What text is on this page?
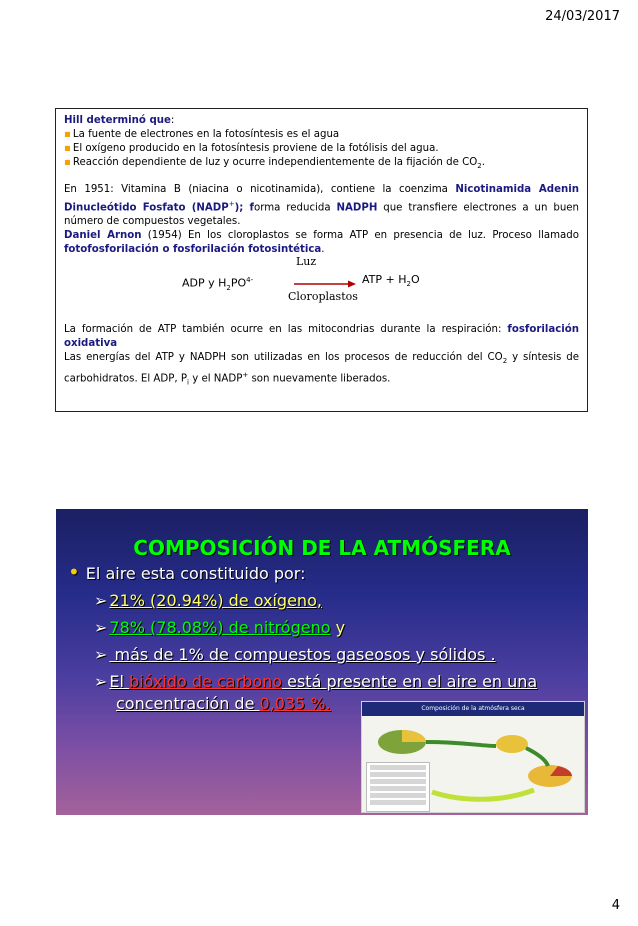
24/03/2017

Hill determinó que:

▪ La fuente de electrones en la fotosíntesis es el agua

▪ El oxígeno producido en la fotosíntesis proviene de la fotólisis del agua.

▪ Reacción dependiente de luz y ocurre independientemente de la fijación de $CO_2$.

En 1951: Vitamina B (niacina o nicotinamida), contiene la coenzima Nicotinamida Adenin Dinucleótido Fosfato (NADP+); forma reducida NADPH que transfiere electrones a un buen número de compuestos vegetales.

Daniel Arnon (1954) En los cloroplastos se forma ATP en presencia de luz. Proceso llamado fotofosforilación o fosforilación fotosintética.

Luz
ADP y $H_2PO^{4-}$	ATP + $H_2O$
Cloroplastos

La formación de ATP también ocurre en las mitocondrias durante la respiración: fosforilación oxidativa

Las energías del ATP y NADPH son utilizadas en los procesos de reducción del $CO_2$ y síntesis de carbohidratos. El ADP, $P_i$ y el NADP+ son nuevamente liberados.

COMPOSICIÓN DE LA ATMÓSFERA
• El aire esta constituido por:
➢ 21% (20.94%) de oxígeno,
➢ 78% (78.08%) de nitrógeno y
➢ más de 1% de compuestos gaseosos y sólidos .
➢ El bióxido de carbono está presente en el aire en una
concentración de 0,035 %.	Composición de la atmósfera seca
4
